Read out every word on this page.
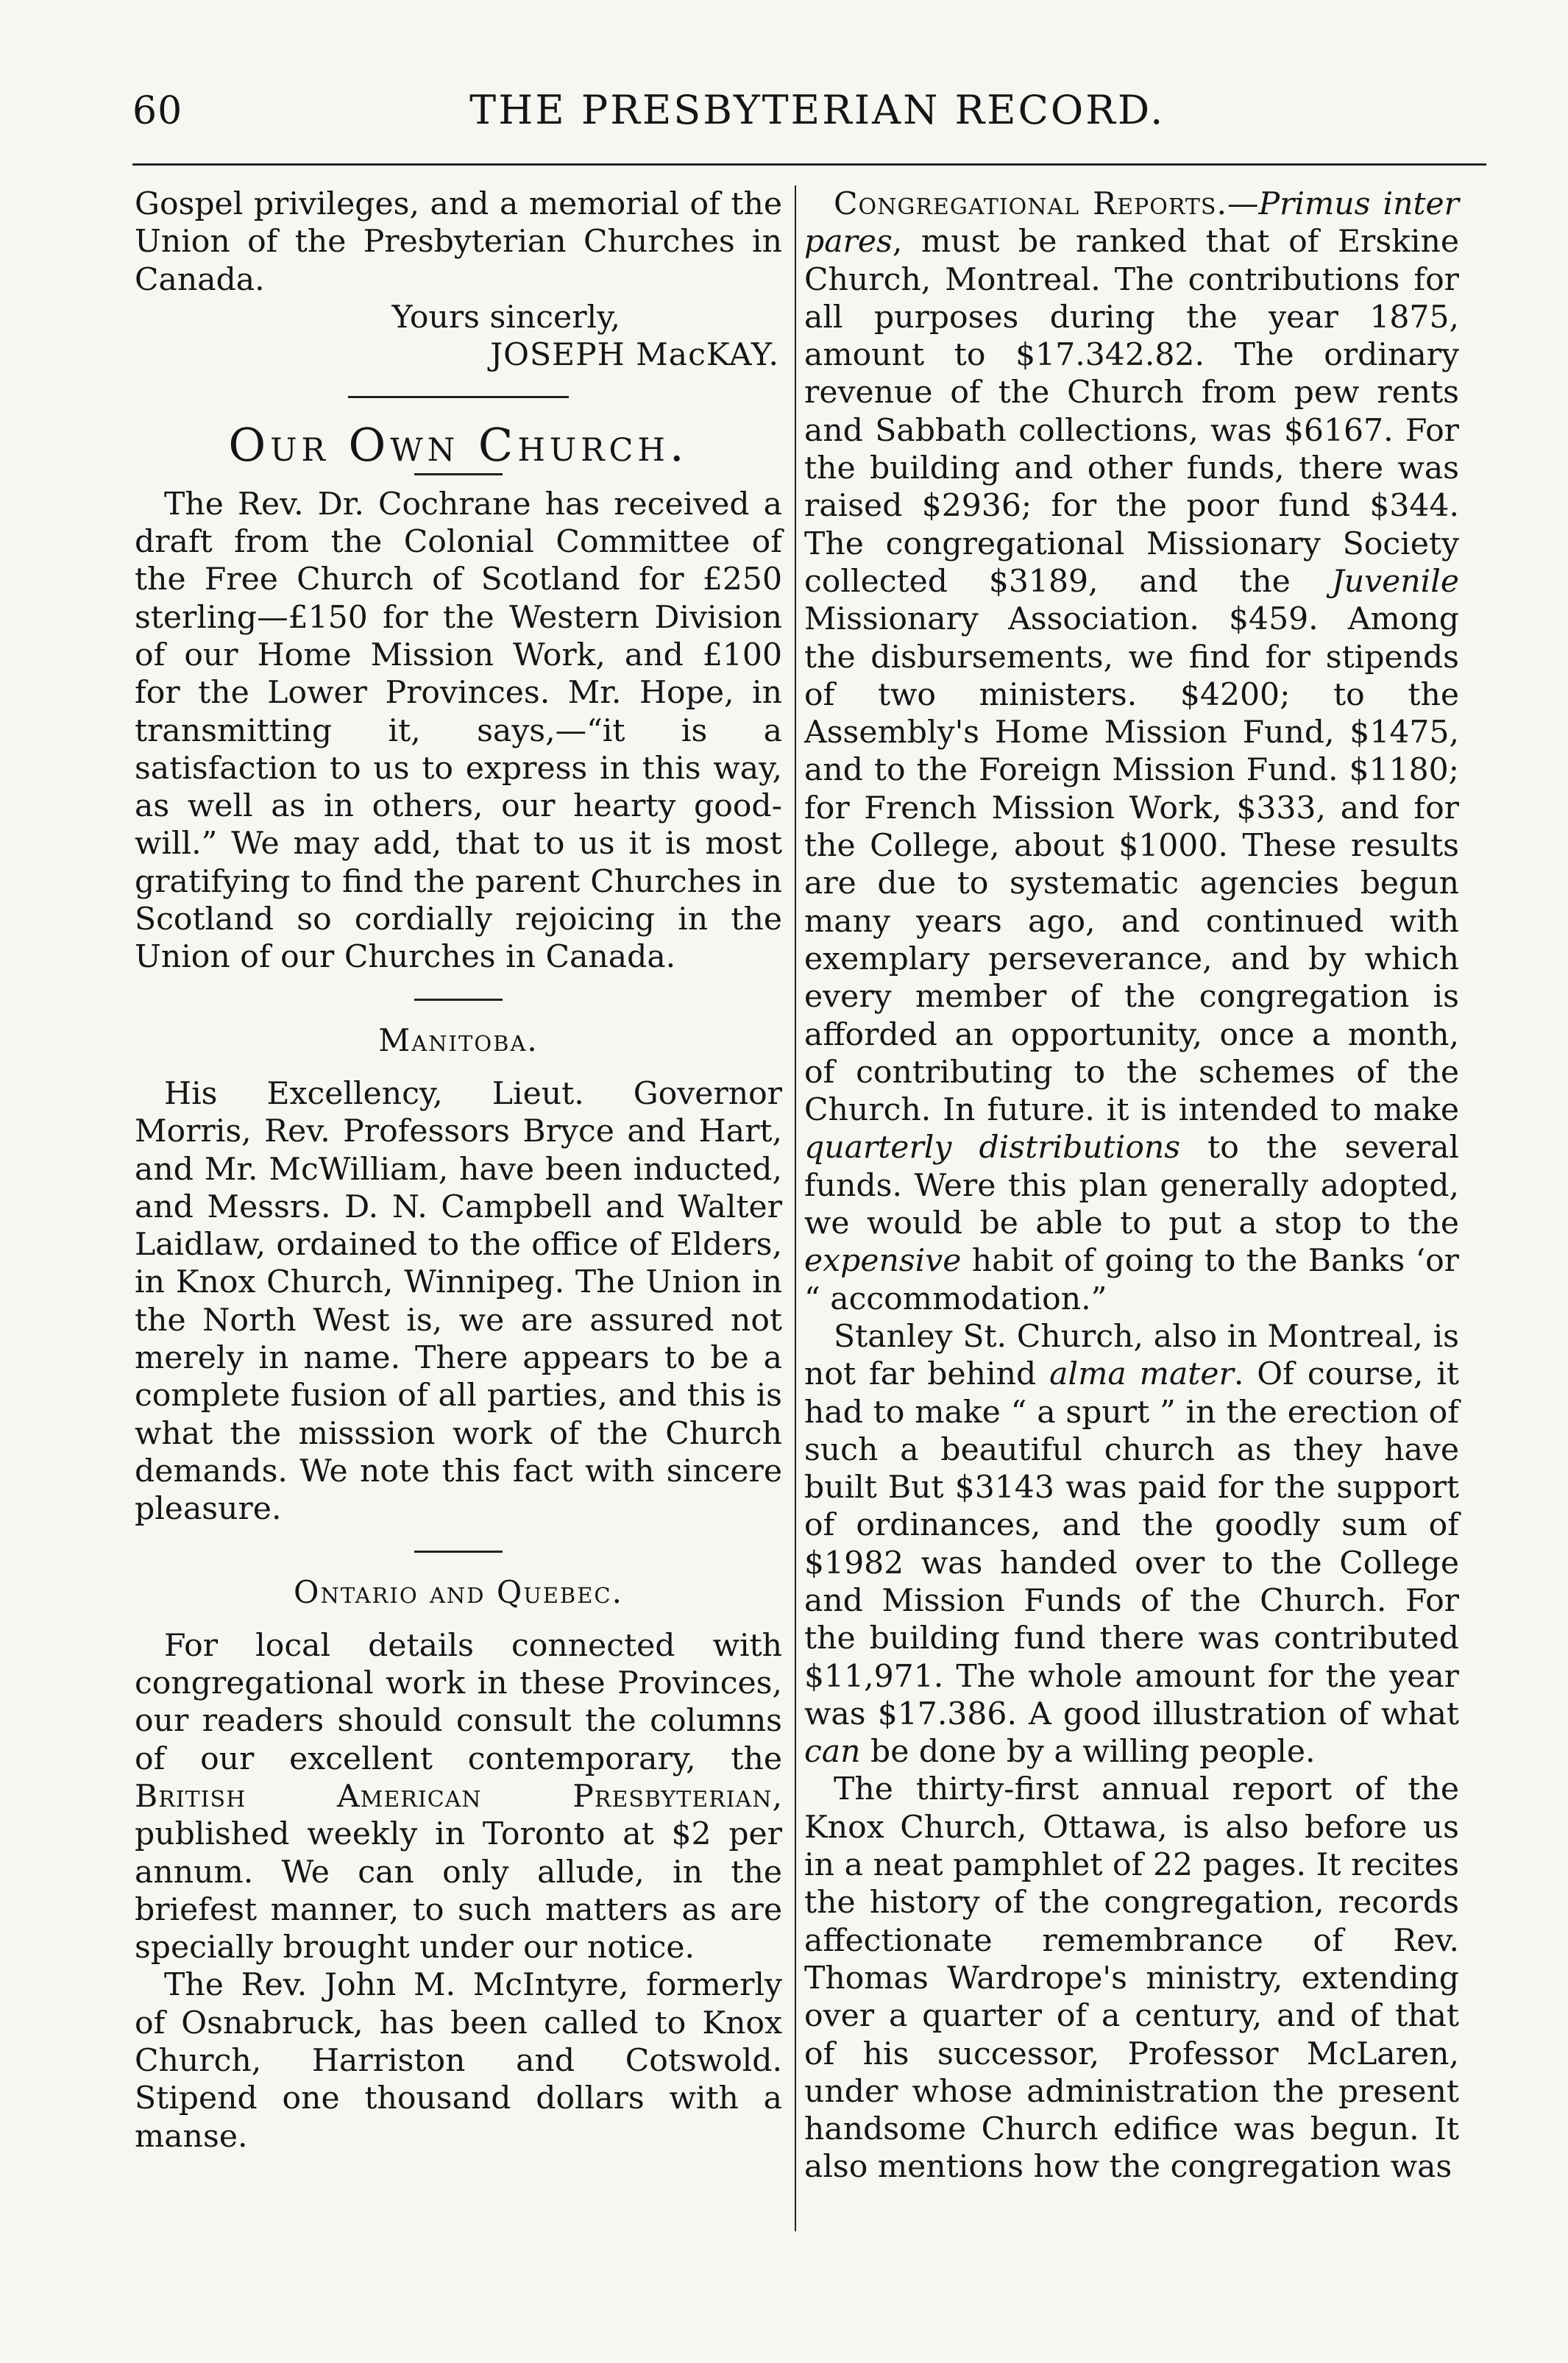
60	THE PRESBYTERIAN RECORD.

Gospel privileges, and a memorial of the Union of the Presbyterian Churches in Canada.

Yours sincerly,

JOSEPH MacKAY.

Our Own Church.

The Rev. Dr. Cochrane has received a draft from the Colonial Committee of the Free Church of Scotland for £250 sterling—£150 for the Western Division of our Home Mission Work, and £100 for the Lower Provinces. Mr. Hope, in transmitting it, says,—“it is a satisfaction to us to express in this way, as well as in others, our hearty good-will.” We may add, that to us it is most gratifying to find the parent Churches in Scotland so cordially rejoicing in the Union of our Churches in Canada.

Manitoba.

His Excellency, Lieut. Governor Morris, Rev. Professors Bryce and Hart, and Mr. McWilliam, have been inducted, and Messrs. D. N. Campbell and Walter Laidlaw, ordained to the office of Elders, in Knox Church, Winnipeg. The Union in the North West is, we are assured not merely in name. There appears to be a complete fusion of all parties, and this is what the misssion work of the Church demands. We note this fact with sincere pleasure.

Ontario and Quebec.

For local details connected with congregational work in these Provinces, our readers should consult the columns of our excellent contemporary, the British American Presbyterian, published weekly in Toronto at $2 per annum. We can only allude, in the briefest manner, to such matters as are specially brought under our notice.

The Rev. John M. McIntyre, formerly of Osnabruck, has been called to Knox Church, Harriston and Cotswold. Stipend one thousand dollars with a manse.

Congregational Reports.—Primus inter pares, must be ranked that of Erskine Church, Montreal. The contributions for all purposes during the year 1875, amount to $17.342.82. The ordinary revenue of the Church from pew rents and Sabbath collections, was $6167. For the building and other funds, there was raised $2936; for the poor fund $344. The congregational Missionary Society collected $3189, and the Juvenile Missionary Association. $459. Among the disbursements, we find for stipends of two ministers. $4200; to the Assembly's Home Mission Fund, $1475, and to the Foreign Mission Fund. $1180; for French Mission Work, $333, and for the College, about $1000. These results are due to systematic agencies begun many years ago, and continued with exemplary perseverance, and by which every member of the congregation is afforded an opportunity, once a month, of contributing to the schemes of the Church. In future. it is intended to make quarterly distributions to the several funds. Were this plan generally adopted, we would be able to put a stop to the expensive habit of going to the Banks ‘or “ accommodation.”

Stanley St. Church, also in Montreal, is not far behind alma mater. Of course, it had to make “ a spurt ” in the erection of such a beautiful church as they have built But $3143 was paid for the support of ordinances, and the goodly sum of $1982 was handed over to the College and Mission Funds of the Church. For the building fund there was contributed $11,971. The whole amount for the year was $17.386. A good illustration of what can be done by a willing people.

The thirty-first annual report of the Knox Church, Ottawa, is also before us in a neat pamphlet of 22 pages. It recites the history of the congregation, records affectionate remembrance of Rev. Thomas Wardrope's ministry, extending over a quarter of a century, and of that of his successor, Professor McLaren, under whose administration the present handsome Church edifice was begun. It also mentions how the congregation was
